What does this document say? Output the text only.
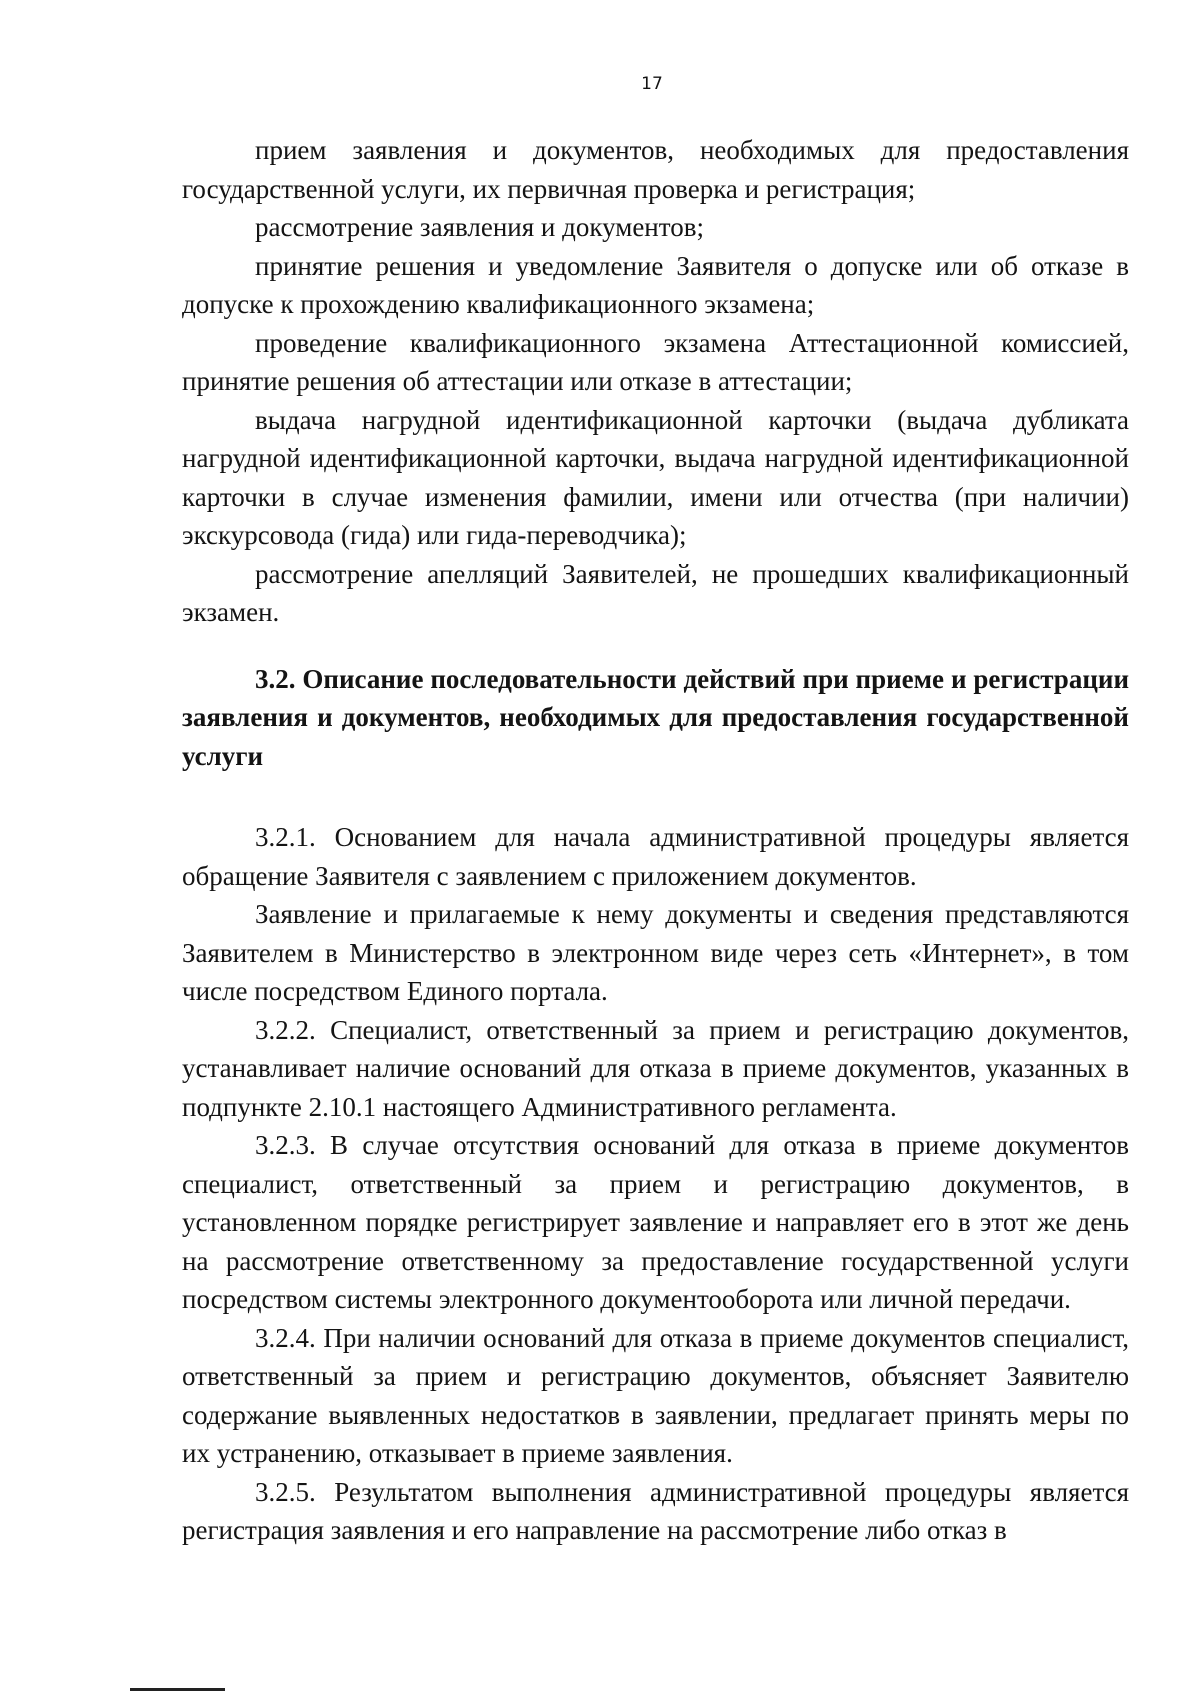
17

прием заявления и документов, необходимых для предоставления государственной услуги, их первичная проверка и регистрация;

рассмотрение заявления и документов;

принятие решения и уведомление Заявителя о допуске или об отказе в допуске к прохождению квалификационного экзамена;

проведение квалификационного экзамена Аттестационной комиссией, принятие решения об аттестации или отказе в аттестации;

выдача нагрудной идентификационной карточки (выдача дубликата нагрудной идентификационной карточки, выдача нагрудной идентификационной карточки в случае изменения фамилии, имени или отчества (при наличии) экскурсовода (гида) или гида-переводчика);

рассмотрение апелляций Заявителей, не прошедших квалификационный экзамен.

3.2. Описание последовательности действий при приеме и регистрации заявления и документов, необходимых для предоставления государственной услуги

3.2.1. Основанием для начала административной процедуры является обращение Заявителя с заявлением с приложением документов.

Заявление и прилагаемые к нему документы и сведения представляются Заявителем в Министерство в электронном виде через сеть «Интернет», в том числе посредством Единого портала.

3.2.2. Специалист, ответственный за прием и регистрацию документов, устанавливает наличие оснований для отказа в приеме документов, указанных в подпункте 2.10.1 настоящего Административного регламента.

3.2.3. В случае отсутствия оснований для отказа в приеме документов специалист, ответственный за прием и регистрацию документов, в установленном порядке регистрирует заявление и направляет его в этот же день на рассмотрение ответственному за предоставление государственной услуги посредством системы электронного документооборота или личной передачи.

3.2.4. При наличии оснований для отказа в приеме документов специалист, ответственный за прием и регистрацию документов, объясняет Заявителю содержание выявленных недостатков в заявлении, предлагает принять меры по их устранению, отказывает в приеме заявления.

3.2.5. Результатом выполнения административной процедуры является регистрация заявления и его направление на рассмотрение либо отказ в
